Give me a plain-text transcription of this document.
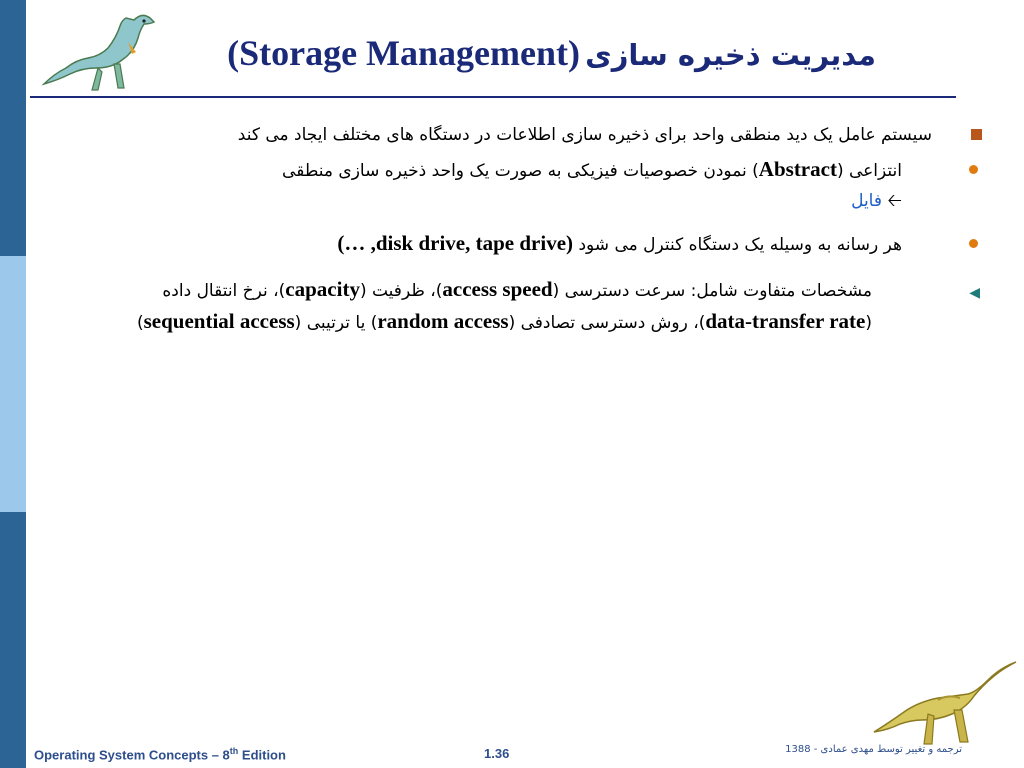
مدیریت ذخیره سازی (Storage Management)
سیستم عامل یک دید منطقی واحد برای ذخیره سازی اطلاعات در دستگاه های مختلف ایجاد می کند
انتزاعی (Abstract) نمودن خصوصیات فیزیکی به صورت یک واحد ذخیره سازی منطقی
🡠 فایل
هر رسانه به وسیله یک دستگاه کنترل می شود (disk drive, tape drive, …)
◀
مشخصات متفاوت شامل: سرعت دسترسی (access speed)، ظرفیت (capacity)، نرخ انتقال داده (data-transfer rate)، روش دسترسی تصادفی (random access) یا ترتیبی (sequential access)
Operating System Concepts – 8th Edition	1.36	ترجمه و تغییر توسط مهدی عمادی - 1388
